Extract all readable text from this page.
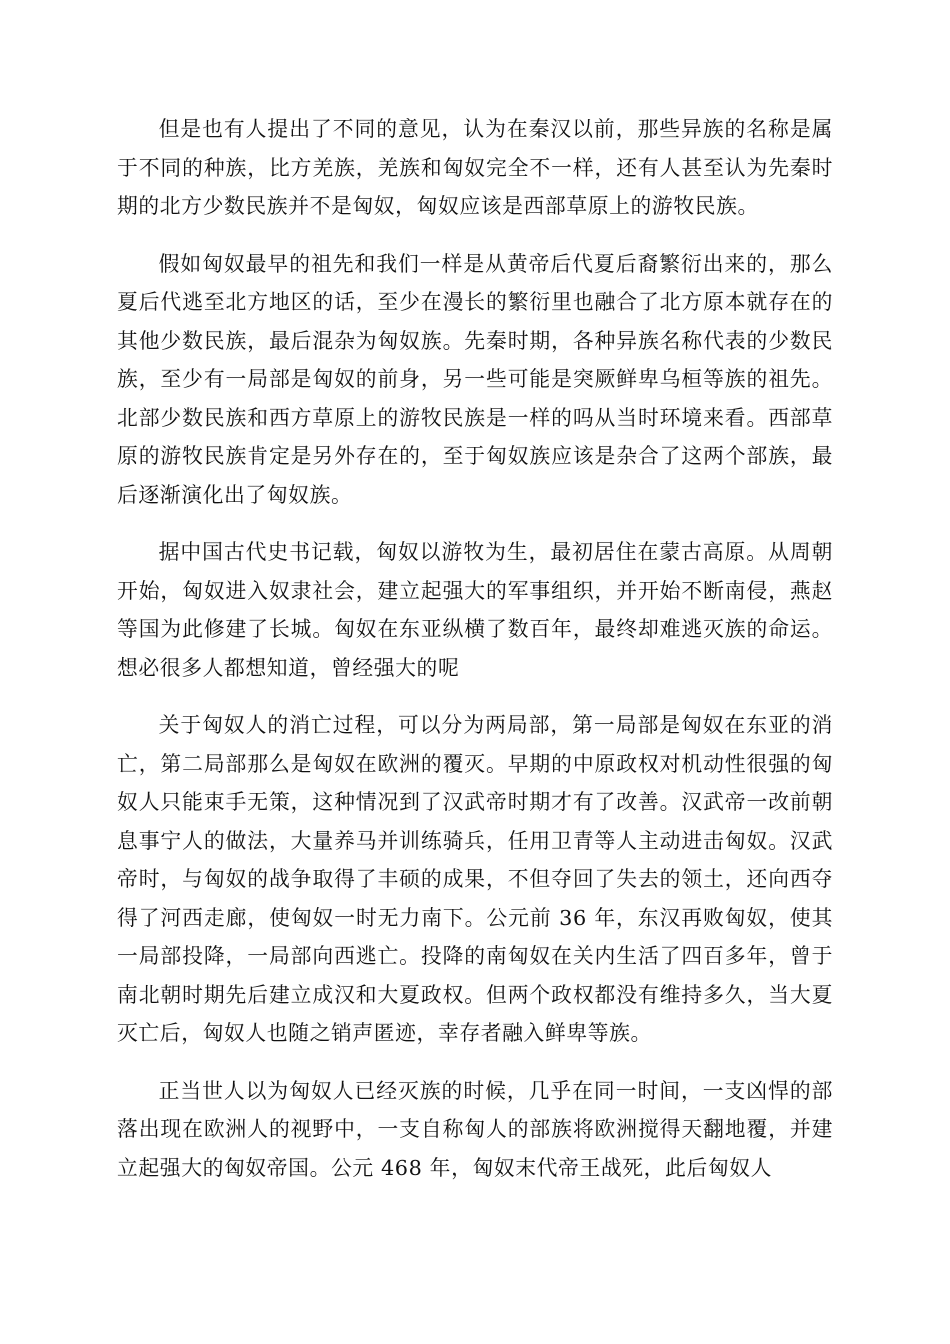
但是也有人提出了不同的意见，认为在秦汉以前，那些异族的名称是属于不同的种族，比方羌族，羌族和匈奴完全不一样，还有人甚至认为先秦时期的北方少数民族并不是匈奴，匈奴应该是西部草原上的游牧民族。

假如匈奴最早的祖先和我们一样是从黄帝后代夏后裔繁衍出来的，那么夏后代逃至北方地区的话，至少在漫长的繁衍里也融合了北方原本就存在的其他少数民族，最后混杂为匈奴族。先秦时期，各种异族名称代表的少数民族，至少有一局部是匈奴的前身，另一些可能是突厥鲜卑乌桓等族的祖先。北部少数民族和西方草原上的游牧民族是一样的吗从当时环境来看。西部草原的游牧民族肯定是另外存在的，至于匈奴族应该是杂合了这两个部族，最后逐渐演化出了匈奴族。

据中国古代史书记载，匈奴以游牧为生，最初居住在蒙古高原。从周朝开始，匈奴进入奴隶社会，建立起强大的军事组织，并开始不断南侵，燕赵等国为此修建了长城。匈奴在东亚纵横了数百年，最终却难逃灭族的命运。想必很多人都想知道，曾经强大的呢

关于匈奴人的消亡过程，可以分为两局部，第一局部是匈奴在东亚的消亡，第二局部那么是匈奴在欧洲的覆灭。早期的中原政权对机动性很强的匈奴人只能束手无策，这种情况到了汉武帝时期才有了改善。汉武帝一改前朝息事宁人的做法，大量养马并训练骑兵，任用卫青等人主动进击匈奴。汉武帝时，与匈奴的战争取得了丰硕的成果，不但夺回了失去的领土，还向西夺得了河西走廊，使匈奴一时无力南下。公元前 36 年，东汉再败匈奴，使其一局部投降，一局部向西逃亡。投降的南匈奴在关内生活了四百多年，曾于南北朝时期先后建立成汉和大夏政权。但两个政权都没有维持多久，当大夏灭亡后，匈奴人也随之销声匿迹，幸存者融入鲜卑等族。

正当世人以为匈奴人已经灭族的时候，几乎在同一时间，一支凶悍的部落出现在欧洲人的视野中，一支自称匈人的部族将欧洲搅得天翻地覆，并建立起强大的匈奴帝国。公元 468 年，匈奴末代帝王战死，此后匈奴人
